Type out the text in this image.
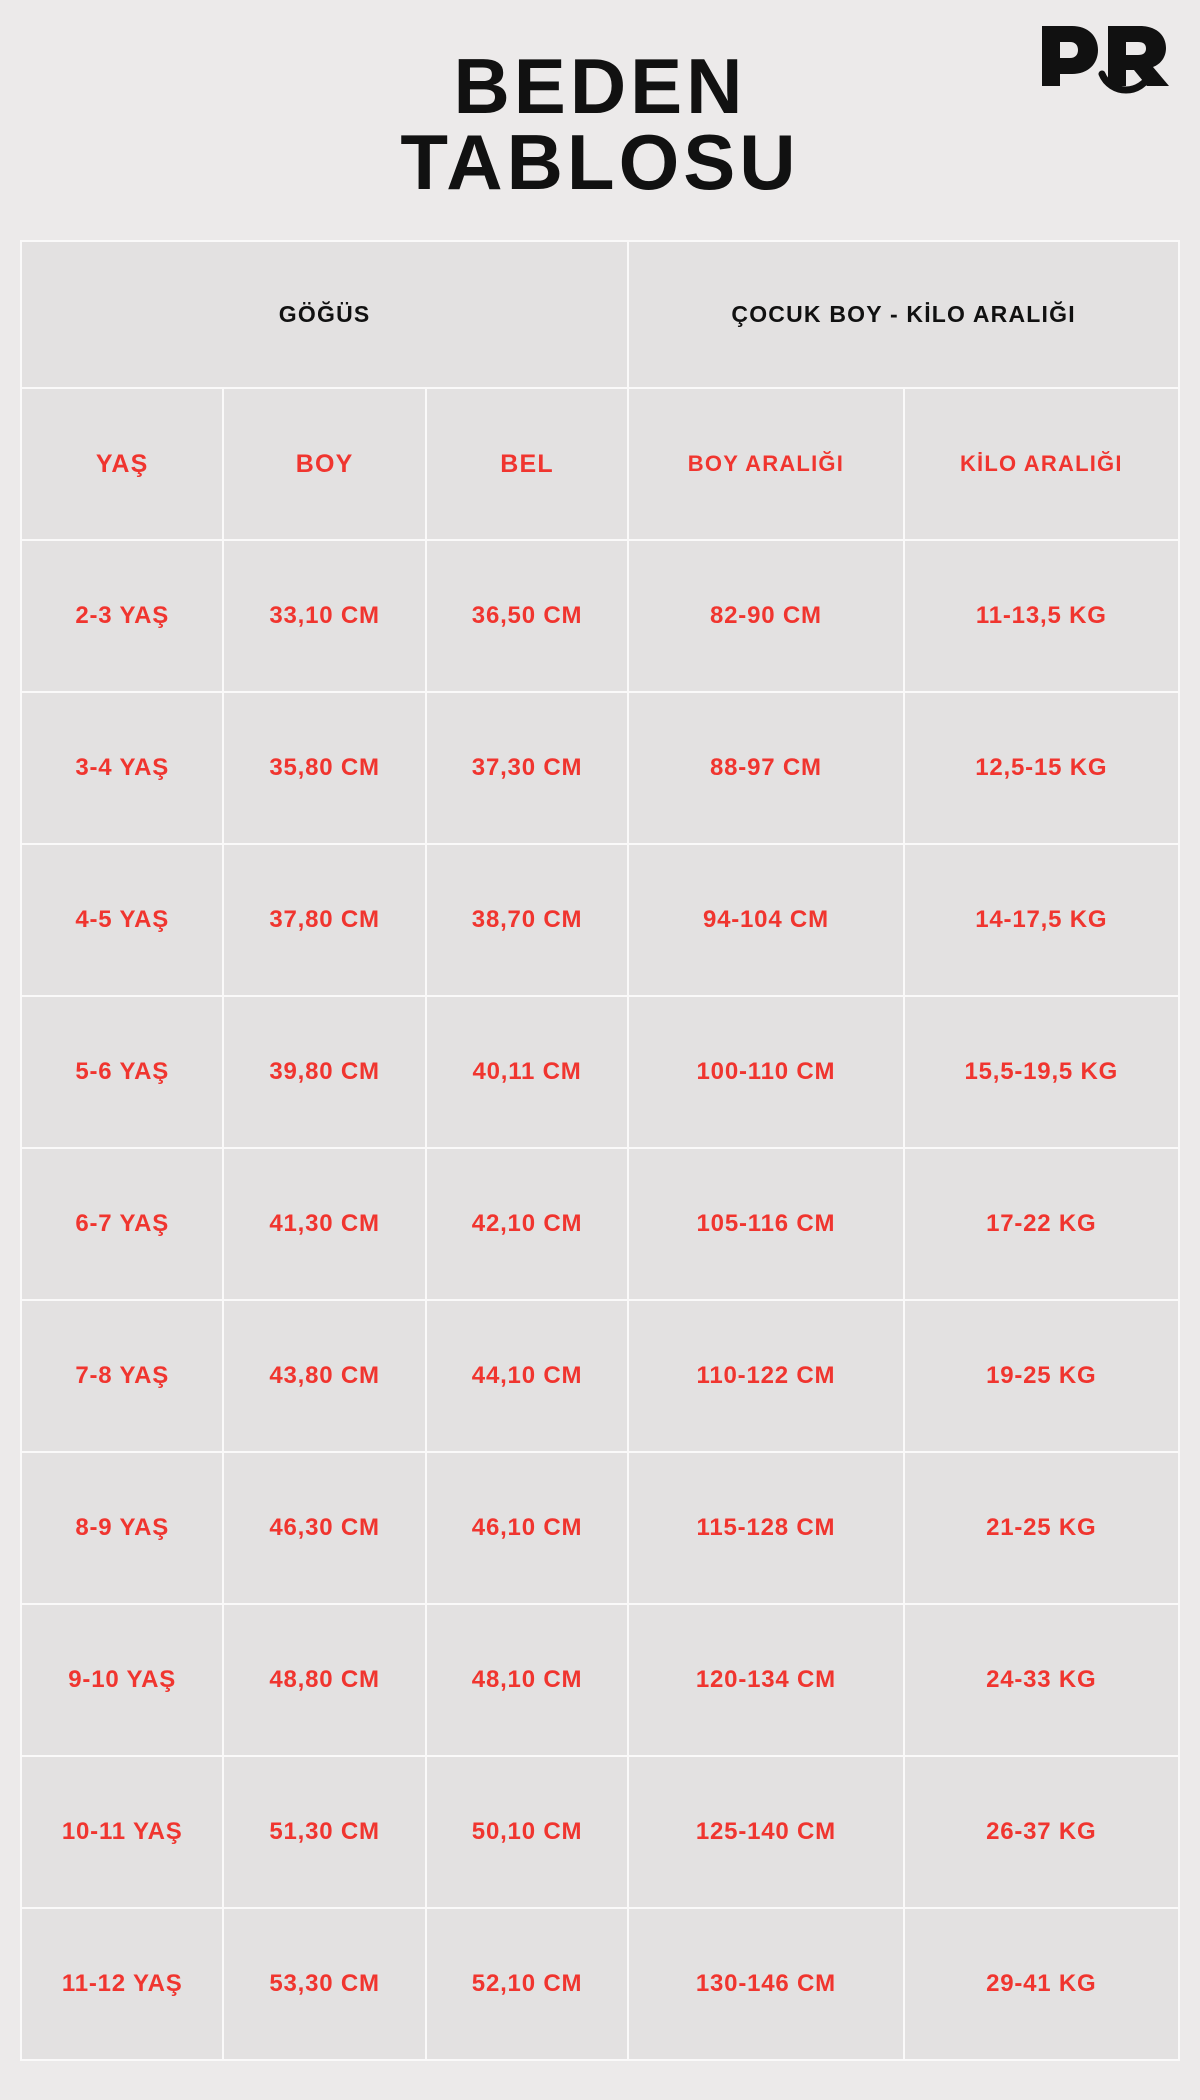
BEDEN
TABLOSU
GÖĞÜS			ÇOCUK BOY - KİLO ARALIĞI	
YAŞ	BOY	BEL	BOY ARALIĞI	KİLO ARALIĞI
2-3 YAŞ	33,10 CM	36,50 CM	82-90 CM	11-13,5 KG
3-4 YAŞ	35,80 CM	37,30 CM	88-97 CM	12,5-15 KG
4-5 YAŞ	37,80 CM	38,70 CM	94-104 CM	14-17,5 KG
5-6 YAŞ	39,80 CM	40,11 CM	100-110 CM	15,5-19,5 KG
6-7 YAŞ	41,30 CM	42,10 CM	105-116 CM	17-22 KG
7-8 YAŞ	43,80 CM	44,10 CM	110-122 CM	19-25 KG
8-9 YAŞ	46,30 CM	46,10 CM	115-128 CM	21-25 KG
9-10 YAŞ	48,80 CM	48,10 CM	120-134 CM	24-33 KG
10-11 YAŞ	51,30 CM	50,10 CM	125-140 CM	26-37 KG
11-12 YAŞ	53,30 CM	52,10 CM	130-146 CM	29-41 KG
